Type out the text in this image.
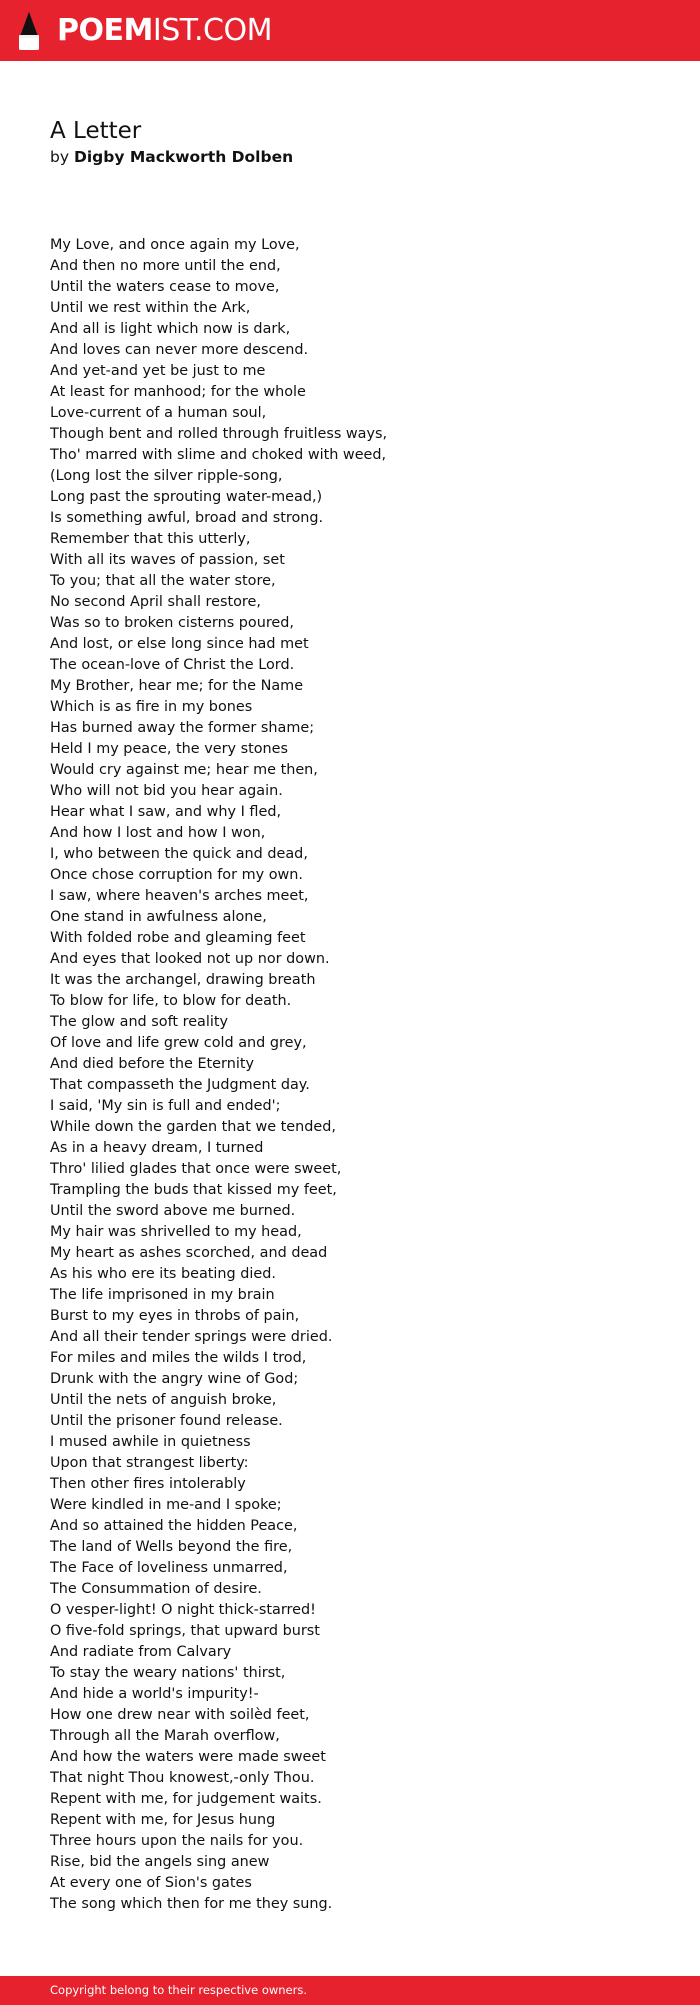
POEMIST.COM
A Letter

by Digby Mackworth Dolben

My Love, and once again my Love,
And then no more until the end,
Until the waters cease to move,
Until we rest within the Ark,
And all is light which now is dark,
And loves can never more descend.
And yet-and yet be just to me
At least for manhood; for the whole
Love-current of a human soul,
Though bent and rolled through fruitless ways,
Tho' marred with slime and choked with weed,
(Long lost the silver ripple-song,
Long past the sprouting water-mead,)
Is something awful, broad and strong.
Remember that this utterly,
With all its waves of passion, set
To you; that all the water store,
No second April shall restore,
Was so to broken cisterns poured,
And lost, or else long since had met
The ocean-love of Christ the Lord.
My Brother, hear me; for the Name
Which is as fire in my bones
Has burned away the former shame;
Held I my peace, the very stones
Would cry against me; hear me then,
Who will not bid you hear again.
Hear what I saw, and why I fled,
And how I lost and how I won,
I, who between the quick and dead,
Once chose corruption for my own.
I saw, where heaven's arches meet,
One stand in awfulness alone,
With folded robe and gleaming feet
And eyes that looked not up nor down.
It was the archangel, drawing breath
To blow for life, to blow for death.
The glow and soft reality
Of love and life grew cold and grey,
And died before the Eternity
That compasseth the Judgment day.
I said, 'My sin is full and ended';
While down the garden that we tended,
As in a heavy dream, I turned
Thro' lilied glades that once were sweet,
Trampling the buds that kissed my feet,
Until the sword above me burned.
My hair was shrivelled to my head,
My heart as ashes scorched, and dead
As his who ere its beating died.
The life imprisoned in my brain
Burst to my eyes in throbs of pain,
And all their tender springs were dried.
For miles and miles the wilds I trod,
Drunk with the angry wine of God;
Until the nets of anguish broke,
Until the prisoner found release.
I mused awhile in quietness
Upon that strangest liberty:
Then other fires intolerably
Were kindled in me-and I spoke;
And so attained the hidden Peace,
The land of Wells beyond the fire,
The Face of loveliness unmarred,
The Consummation of desire.
O vesper-light! O night thick-starred!
O five-fold springs, that upward burst
And radiate from Calvary
To stay the weary nations' thirst,
And hide a world's impurity!-
How one drew near with soilèd feet,
Through all the Marah overflow,
And how the waters were made sweet
That night Thou knowest,-only Thou.
Repent with me, for judgement waits.
Repent with me, for Jesus hung
Three hours upon the nails for you.
Rise, bid the angels sing anew
At every one of Sion's gates
The song which then for me they sung.
Copyright belong to their respective owners.
